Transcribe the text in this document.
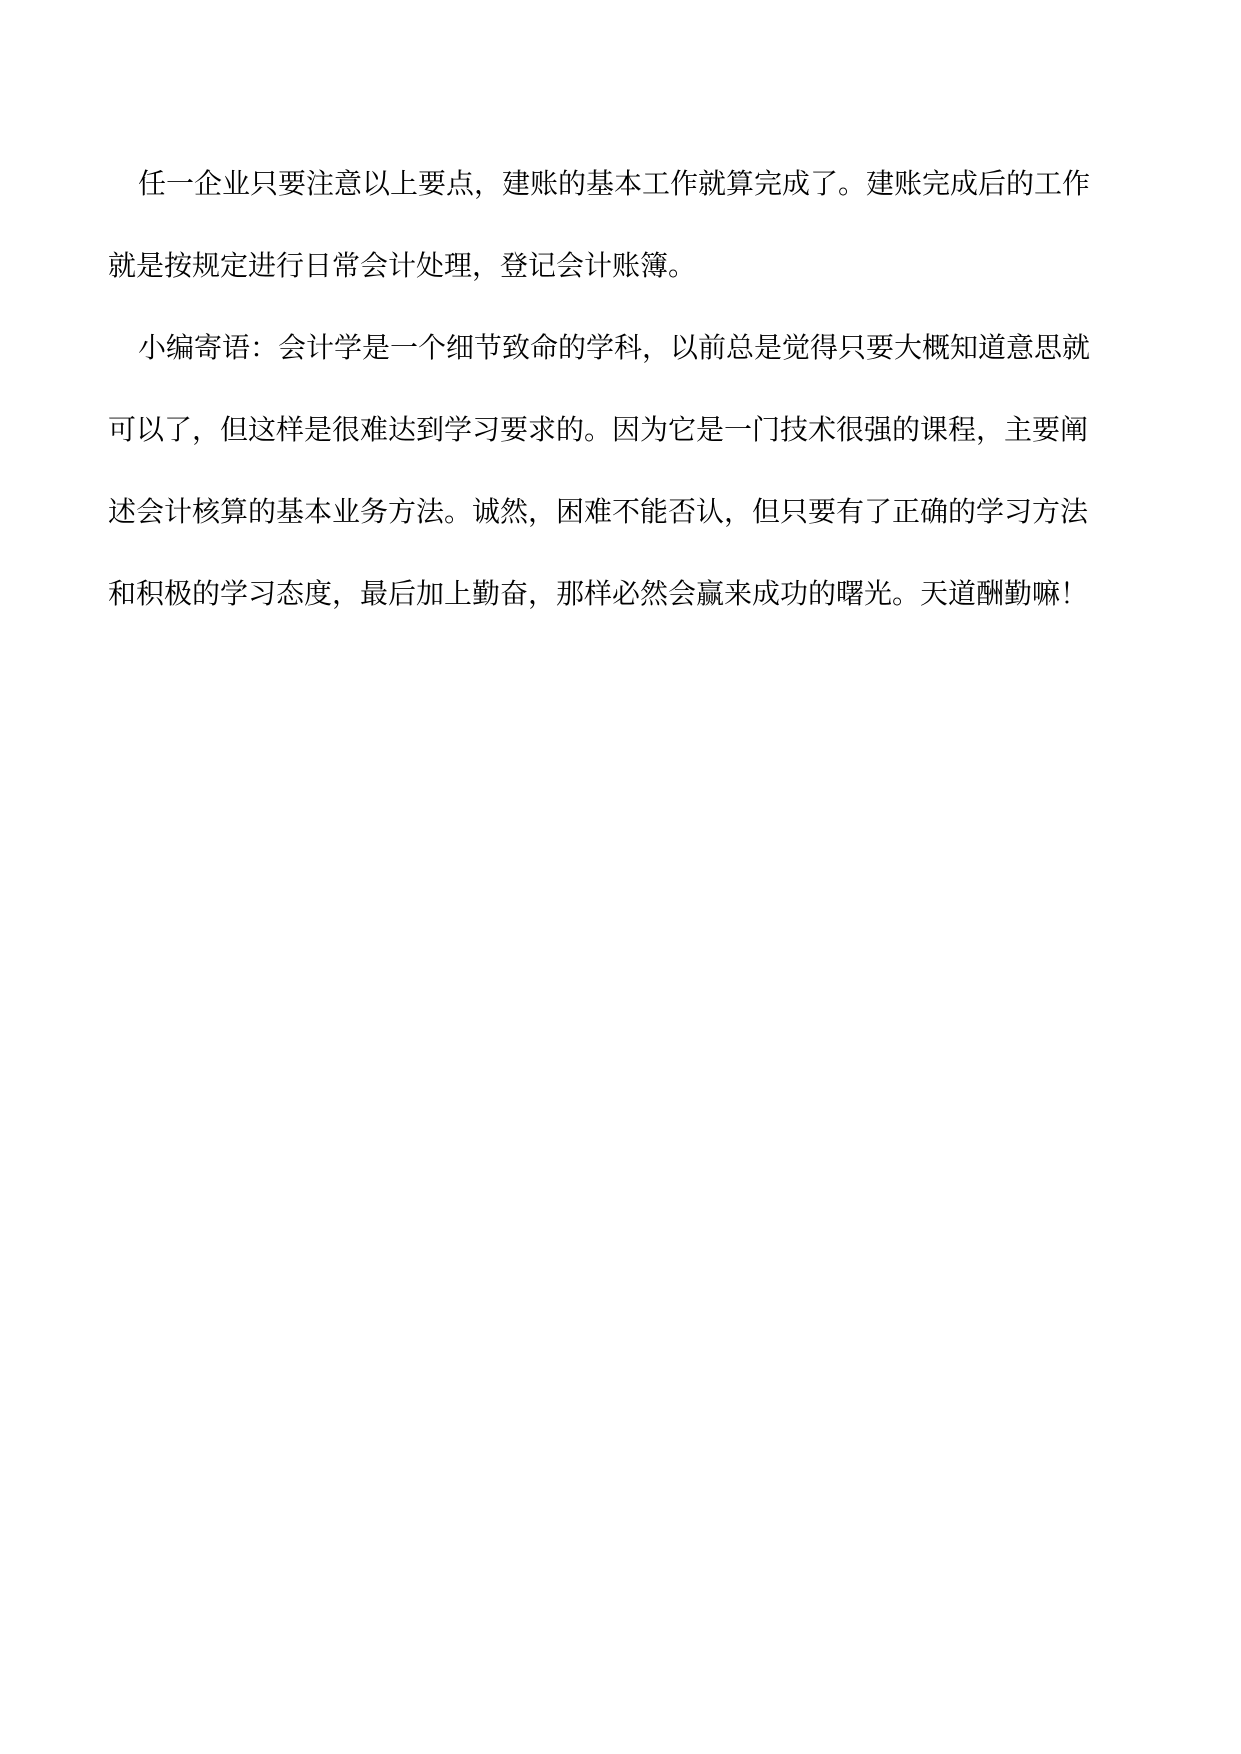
任一企业只要注意以上要点，建账的基本工作就算完成了。建账完成后的工作
就是按规定进行日常会计处理，登记会计账簿。
小编寄语：会计学是一个细节致命的学科，以前总是觉得只要大概知道意思就
可以了，但这样是很难达到学习要求的。因为它是一门技术很强的课程，主要阐
述会计核算的基本业务方法。诚然，困难不能否认，但只要有了正确的学习方法
和积极的学习态度，最后加上勤奋，那样必然会赢来成功的曙光。天道酬勤嘛！
